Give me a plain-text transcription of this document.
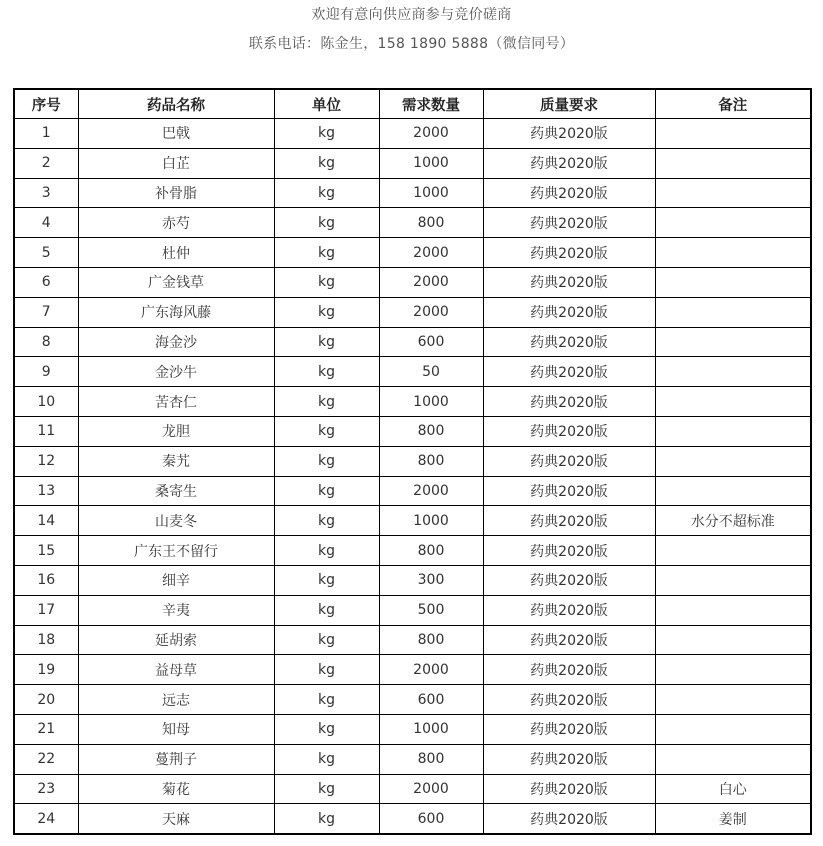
欢迎有意向供应商参与竞价磋商
联系电话：陈金生，158 1890 5888（微信同号）
序号	药品名称	单位	需求数量	质量要求	备注
1	巴戟	kg	2000	药典2020版	
2	白芷	kg	1000	药典2020版	
3	补骨脂	kg	1000	药典2020版	
4	赤芍	kg	800	药典2020版	
5	杜仲	kg	2000	药典2020版	
6	广金钱草	kg	2000	药典2020版	
7	广东海风藤	kg	2000	药典2020版	
8	海金沙	kg	600	药典2020版	
9	金沙牛	kg	50	药典2020版	
10	苦杏仁	kg	1000	药典2020版	
11	龙胆	kg	800	药典2020版	
12	秦艽	kg	800	药典2020版	
13	桑寄生	kg	2000	药典2020版	
14	山麦冬	kg	1000	药典2020版	水分不超标准
15	广东王不留行	kg	800	药典2020版	
16	细辛	kg	300	药典2020版	
17	辛夷	kg	500	药典2020版	
18	延胡索	kg	800	药典2020版	
19	益母草	kg	2000	药典2020版	
20	远志	kg	600	药典2020版	
21	知母	kg	1000	药典2020版	
22	蔓荆子	kg	800	药典2020版	
23	菊花	kg	2000	药典2020版	白心
24	天麻	kg	600	药典2020版	姜制
